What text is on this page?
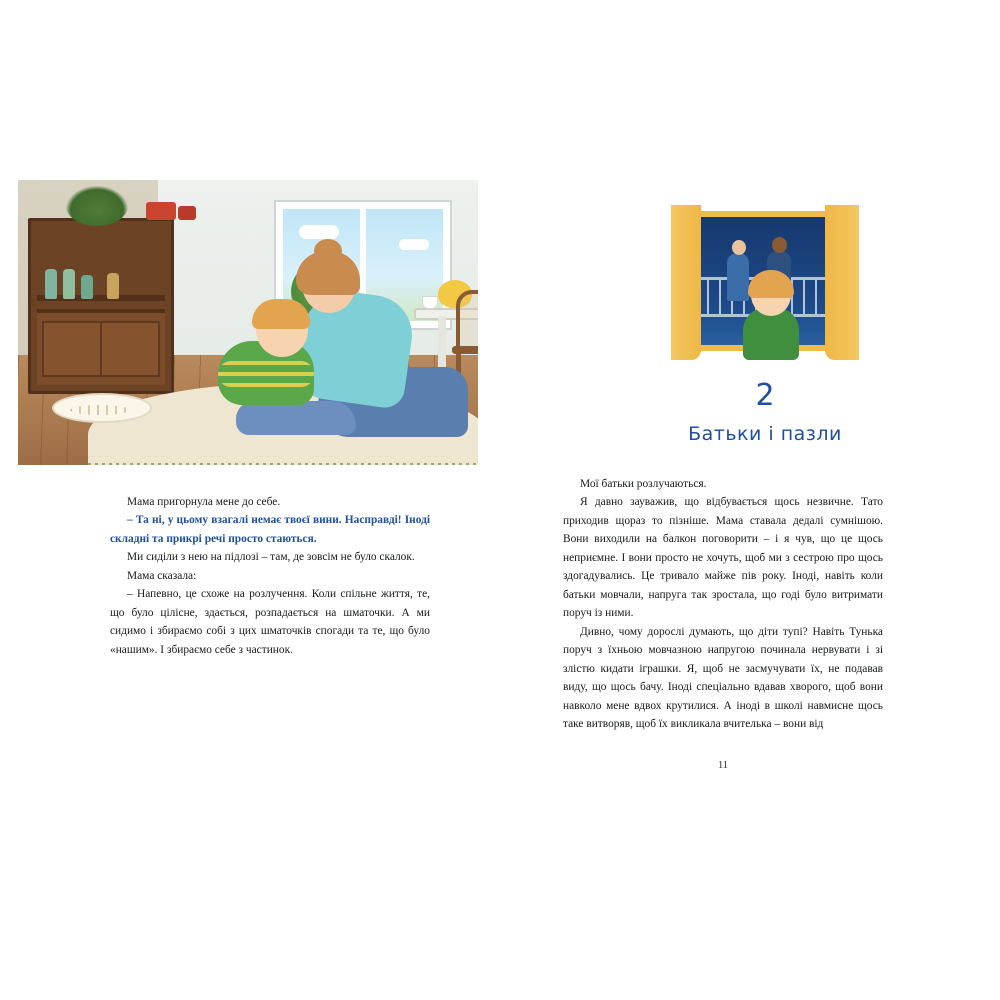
Мама пригорнула мене до себе.

– Та ні, у цьому взагалі немає твоєї вини. Насправді! Іноді складні та прикрі речі просто стаються.

Ми сиділи з нею на підлозі – там, де зовсім не було скалок.

Мама сказала:

– Напевно, це схоже на розлучення. Коли спільне життя, те, що було цілісне, здається, розпадається на шматочки. А ми сидимо і збираємо собі з цих шматочків спогади та те, що було «нашим». І збираємо себе з частинок.

2
Батьки і пазли

Мої батьки розлучаються.

Я давно зауважив, що відбувається щось незвичне. Тато приходив щораз то пізніше. Мама ставала дедалі сумнішою. Вони виходили на балкон поговорити – і я чув, що це щось неприємне. І вони просто не хочуть, щоб ми з сестрою про щось здогадувались. Це тривало майже пів року. Іноді, навіть коли батьки мовчали, напруга так зростала, що годі було витримати поруч із ними.

Дивно, чому дорослі думають, що діти тупі? Навіть Тунька поруч з їхньою мовчазною напругою починала нервувати і зі злістю кидати іграшки. Я, щоб не засмучувати їх, не подавав виду, що щось бачу. Іноді спеціально вдавав хворого, щоб вони навколо мене вдвох крутилися. А іноді в школі навмисне щось таке витворяв, щоб їх викликала вчителька – вони від

11
